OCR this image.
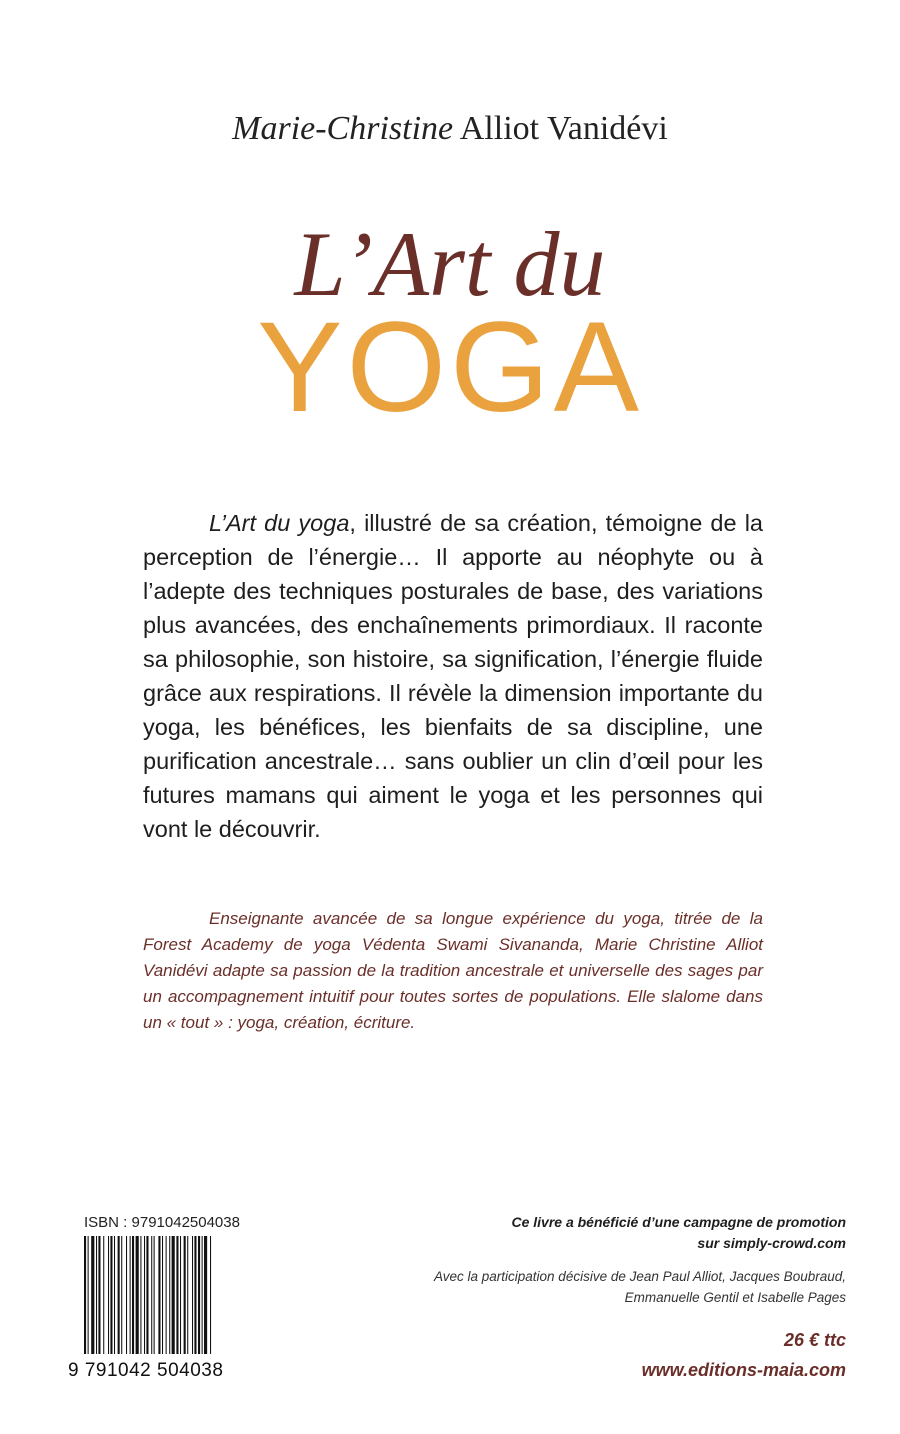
Marie-Christine Alliot Vanidévi
L’Art du
YOGA

L’Art du yoga, illustré de sa création, témoigne de la perception de l’énergie… Il apporte au néophyte ou à l’adepte des techniques posturales de base, des variations plus avancées, des enchaînements primordiaux. Il raconte sa philosophie, son histoire, sa signification, l’énergie fluide grâce aux respirations. Il révèle la dimension importante du yoga, les bénéfices, les bienfaits de sa discipline, une purification ancestrale… sans oublier un clin d’œil pour les futures mamans qui aiment le yoga et les personnes qui vont le découvrir.

Enseignante avancée de sa longue expérience du yoga, titrée de la Forest Academy de yoga Védenta Swami Sivananda, Marie Christine Alliot Vanidévi adapte sa passion de la tradition ancestrale et universelle des sages par un accompagnement intuitif pour toutes sortes de populations. Elle slalome dans un « tout » : yoga, création, écriture.

ISBN : 9791042504038
9 791042 504038
Ce livre a bénéficié d’une campagne de promotion
sur simply-crowd.com
Avec la participation décisive de Jean Paul Alliot, Jacques Boubraud,
Emmanuelle Gentil et Isabelle Pages
26 € ttc
www.editions-maia.com
